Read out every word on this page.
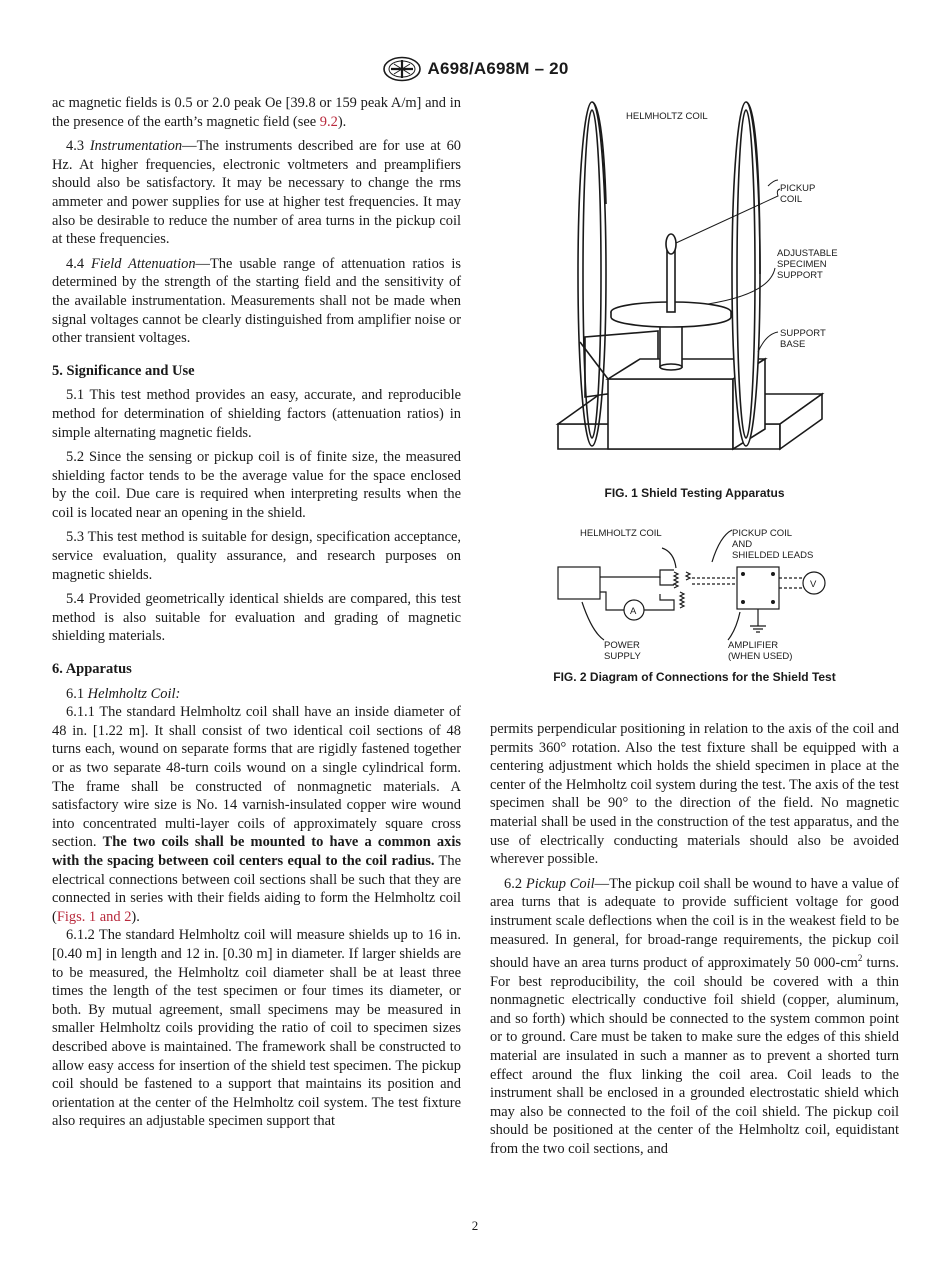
A698/A698M – 20

ac magnetic fields is 0.5 or 2.0 peak Oe [39.8 or 159 peak A/m] and in the presence of the earth’s magnetic field (see 9.2).

4.3 Instrumentation—The instruments described are for use at 60 Hz. At higher frequencies, electronic voltmeters and preamplifiers should also be satisfactory. It may be necessary to change the rms ammeter and power supplies for use at higher test frequencies. It may also be desirable to reduce the number of area turns in the pickup coil at these frequencies.

4.4 Field Attenuation—The usable range of attenuation ratios is determined by the strength of the starting field and the sensitivity of the available instrumentation. Measurements shall not be made when signal voltages cannot be clearly distinguished from amplifier noise or other transient voltages.

5. Significance and Use

5.1 This test method provides an easy, accurate, and reproducible method for determination of shielding factors (attenuation ratios) in simple alternating magnetic fields.

5.2 Since the sensing or pickup coil is of finite size, the measured shielding factor tends to be the average value for the space enclosed by the coil. Due care is required when interpreting results when the coil is located near an opening in the shield.

5.3 This test method is suitable for design, specification acceptance, service evaluation, quality assurance, and research purposes on magnetic shields.

5.4 Provided geometrically identical shields are compared, this test method is also suitable for evaluation and grading of magnetic shielding materials.

6. Apparatus

6.1 Helmholtz Coil:

6.1.1 The standard Helmholtz coil shall have an inside diameter of 48 in. [1.22 m]. It shall consist of two identical coil sections of 48 turns each, wound on separate forms that are rigidly fastened together or as two separate 48-turn coils wound on a single cylindrical form. The frame shall be constructed of nonmagnetic materials. A satisfactory wire size is No. 14 varnish-insulated copper wire wound into concentrated multi-layer coils of approximately square cross section. The two coils shall be mounted to have a common axis with the spacing between coil centers equal to the coil radius. The electrical connections between coil sections shall be such that they are connected in series with their fields aiding to form the Helmholtz coil (Figs. 1 and 2).

6.1.2 The standard Helmholtz coil will measure shields up to 16 in. [0.40 m] in length and 12 in. [0.30 m] in diameter. If larger shields are to be measured, the Helmholtz coil diameter shall be at least three times the length of the test specimen or four times its diameter, or both. By mutual agreement, small specimens may be measured in smaller Helmholtz coils providing the ratio of coil to specimen sizes described above is maintained. The framework shall be constructed to allow easy access for insertion of the shield test specimen. The pickup coil should be fastened to a support that maintains its position and orientation at the center of the Helmholtz coil system. The test fixture also requires an adjustable specimen support that

HELMHOLTZ COIL
PICKUP
COIL
ADJUSTABLE
SPECIMEN
SUPPORT
SUPPORT
BASE
FIG. 1 Shield Testing Apparatus
HELMHOLTZ COIL	PICKUP COIL
AND
SHIELDED LEADS
A
V
POWER
SUPPLY
AMPLIFIER
(WHEN USED)
FIG. 2 Diagram of Connections for the Shield Test

permits perpendicular positioning in relation to the axis of the coil and permits 360° rotation. Also the test fixture shall be equipped with a centering adjustment which holds the shield specimen in place at the center of the Helmholtz coil system during the test. The axis of the test specimen shall be 90° to the direction of the field. No magnetic material shall be used in the construction of the test apparatus, and the use of electrically conducting materials should also be avoided wherever possible.

6.2 Pickup Coil—The pickup coil shall be wound to have a value of area turns that is adequate to provide sufficient voltage for good instrument scale deflections when the coil is in the weakest field to be measured. In general, for broad-range requirements, the pickup coil should have an area turns product of approximately 50 $000-cm^2$ turns. For best reproducibility, the coil should be covered with a thin nonmagnetic electrically conductive foil shield (copper, aluminum, and so forth) which should be connected to the system common point or to ground. Care must be taken to make sure the edges of this shield material are insulated in such a manner as to prevent a shorted turn effect around the flux linking the coil area. Coil leads to the instrument shall be enclosed in a grounded electrostatic shield which may also be connected to the foil of the coil shield. The pickup coil should be positioned at the center of the Helmholtz coil, equidistant from the two coil sections, and

2
